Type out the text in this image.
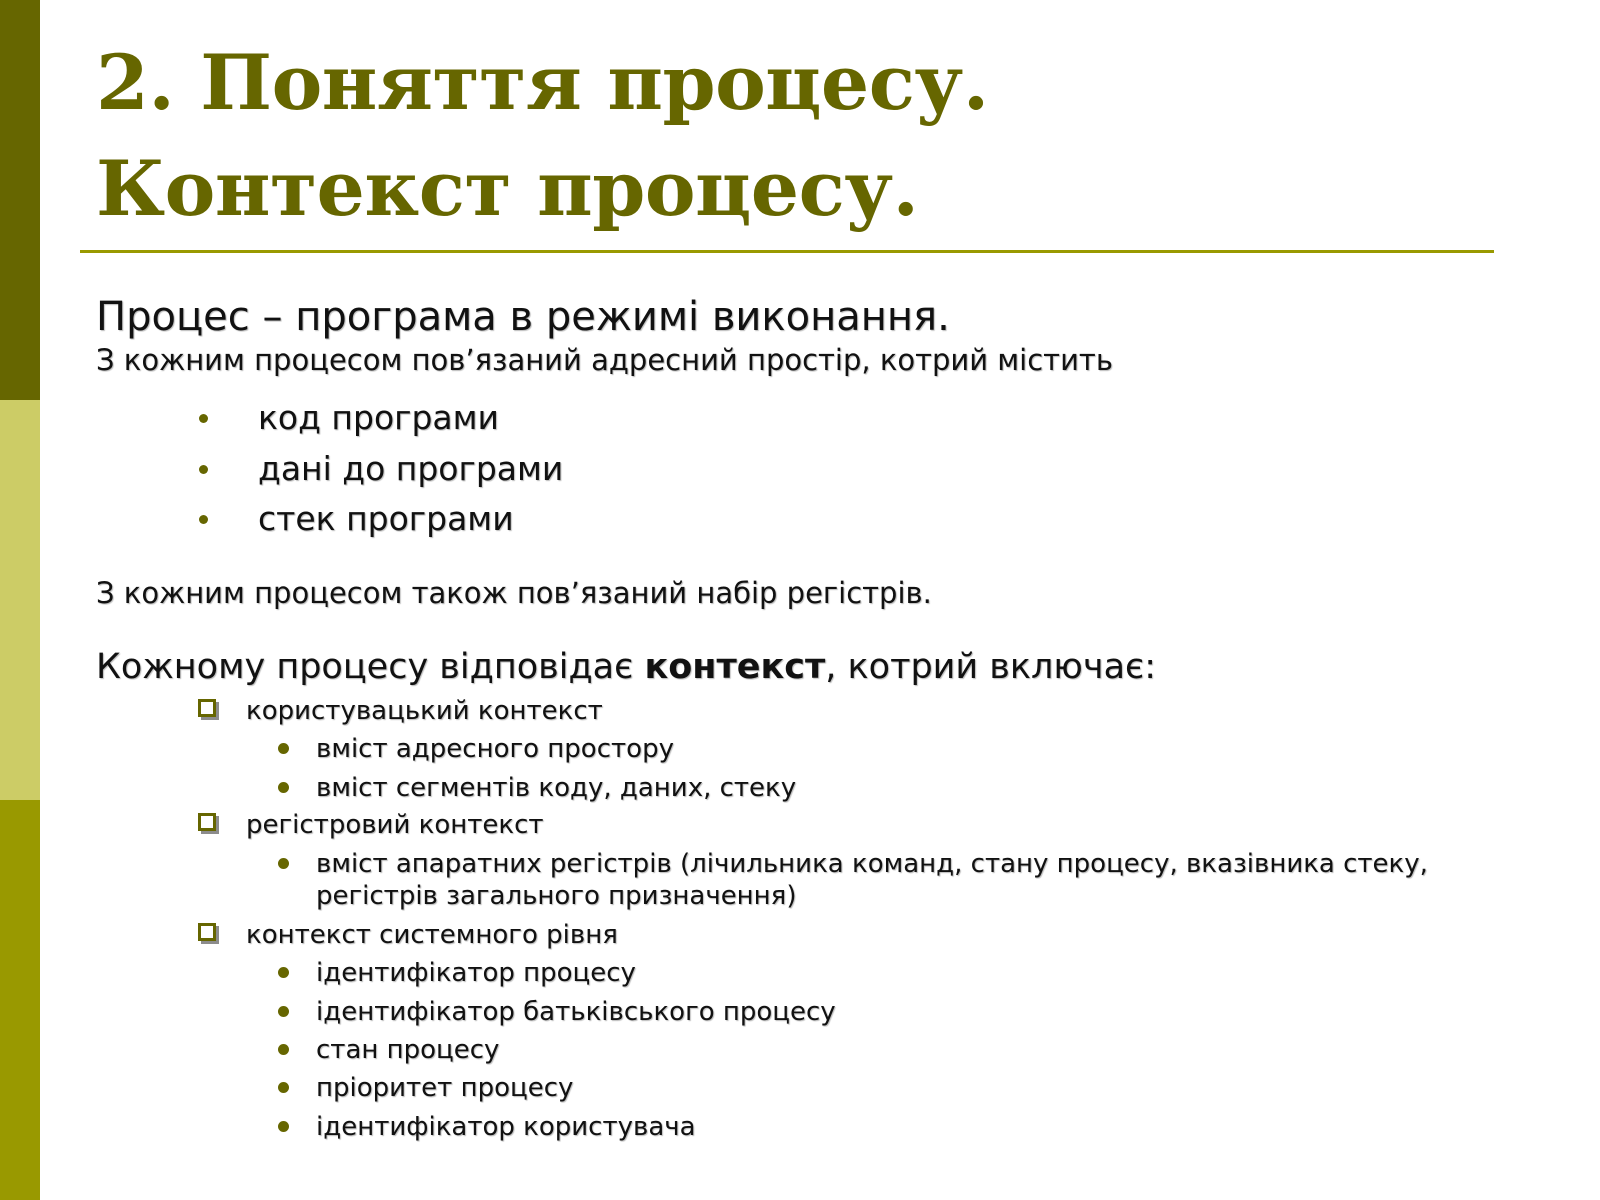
2. Поняття процесу.
Контекст процесу.
Процес – програма в режимі виконання.
З кожним процесом пов’язаний адресний простір, котрий містить
код програми
дані до програми
стек програми
З кожним процесом також пов’язаний набір регістрів.
Кожному процесу відповідає контекст, котрий включає:
користувацький контекст
вміст адресного простору
вміст сегментів коду, даних, стеку
регістровий контекст
вміст апаратних регістрів (лічильника команд, стану процесу, вказівника стеку, регістрів загального призначення)
контекст системного рівня
ідентифікатор процесу
ідентифікатор батьківського процесу
стан процесу
пріоритет процесу
ідентифікатор користувача
